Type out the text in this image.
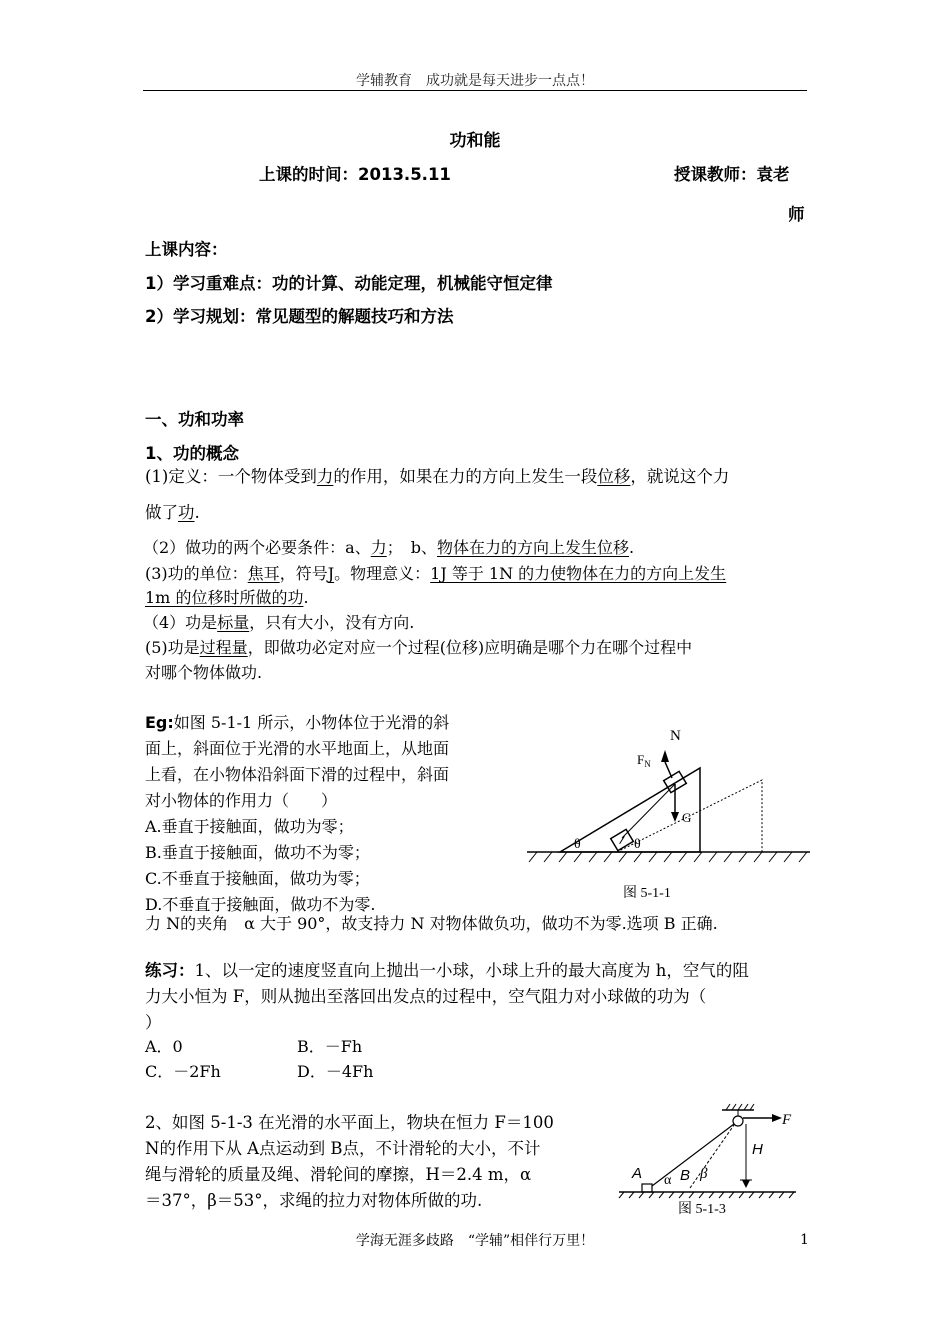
学辅教育　成功就是每天进步一点点！
功和能
上课的时间：2013.5.11	授课教师：袁老
师
上课内容：
1）学习重难点：功的计算、动能定理，机械能守恒定律
2）学习规划：常见题型的解题技巧和方法
一、功和功率
1、功的概念
(1)定义：一个物体受到力的作用，如果在力的方向上发生一段位移，就说这个力
做了功.
（2）做功的两个必要条件：a、力；　b、物体在力的方向上发生位移.
(3)功的单位：焦耳，符号J。物理意义：1J 等于 1N 的力使物体在力的方向上发生
1m 的位移时所做的功.
（4）功是标量，只有大小，没有方向.
(5)功是过程量，即做功必定对应一个过程(位移)应明确是哪个力在哪个过程中
对哪个物体做功.
Eg:如图 5-1-1 所示，小物体位于光滑的斜
面上，斜面位于光滑的水平地面上，从地面
上看，在小物体沿斜面下滑的过程中，斜面
对小物体的作用力（　　）
A.垂直于接触面，做功为零；
B.垂直于接触面，做功不为零；
C.不垂直于接触面，做功为零；
D.不垂直于接触面，做功不为零.
力 N的夹角　α 大于 90°，故支持力 N 对物体做负功，做功不为零.选项 B 正确.
N
$F_N$
G
θ	θ
图 5-1-1
练习：1、以一定的速度竖直向上抛出一小球，小球上升的最大高度为 h，空气的阻
力大小恒为 F，则从抛出至落回出发点的过程中，空气阻力对小球做的功为（
）
A．0	B．－Fh
C．－2Fh	D．－4Fh
2、如图 5-1-3 在光滑的水平面上，物块在恒力 F＝100
N的作用下从 A点运动到 B点，不计滑轮的大小，不计
绳与滑轮的质量及绳、滑轮间的摩擦，H＝2.4 m，α
＝37°，β＝53°，求绳的拉力对物体所做的功.
F
H
A	B
α β
图 5-1-3
学海无涯多歧路　“学辅”相伴行万里！	1
